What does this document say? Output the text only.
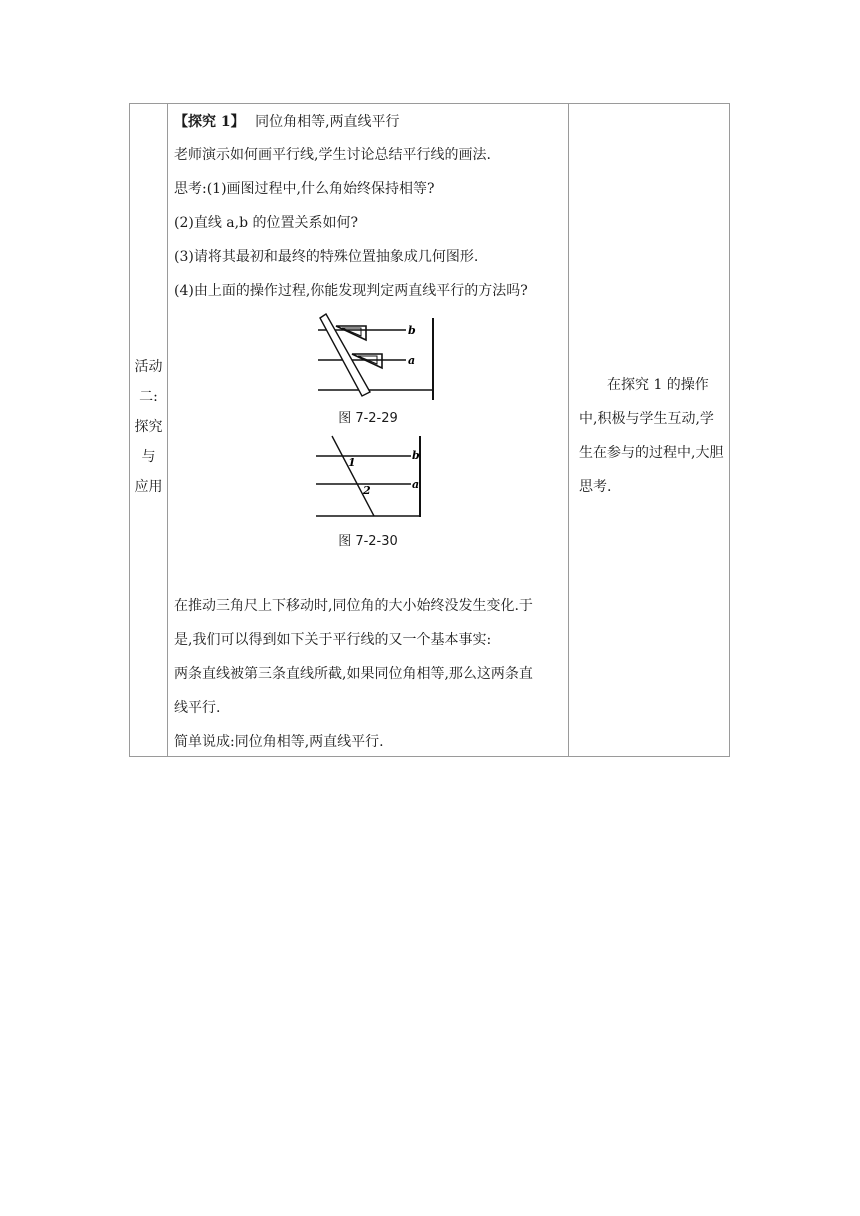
活动
二:
探究
与
应用
【探究 1】 同位角相等,两直线平行
老师演示如何画平行线,学生讨论总结平行线的画法.
思考:(1)画图过程中,什么角始终保持相等?
(2)直线 a,b 的位置关系如何?
(3)请将其最初和最终的特殊位置抽象成几何图形.
(4)由上面的操作过程,你能发现判定两直线平行的方法吗?
b
a
图 7-2-29
1
2
b
a
图 7-2-30
在推动三角尺上下移动时,同位角的大小始终没发生变化.于
是,我们可以得到如下关于平行线的又一个基本事实:
两条直线被第三条直线所截,如果同位角相等,那么这两条直
线平行.
简单说成:同位角相等,两直线平行.
在探究 1 的操作中,积极与学生互动,学生在参与的过程中,大胆思考.
